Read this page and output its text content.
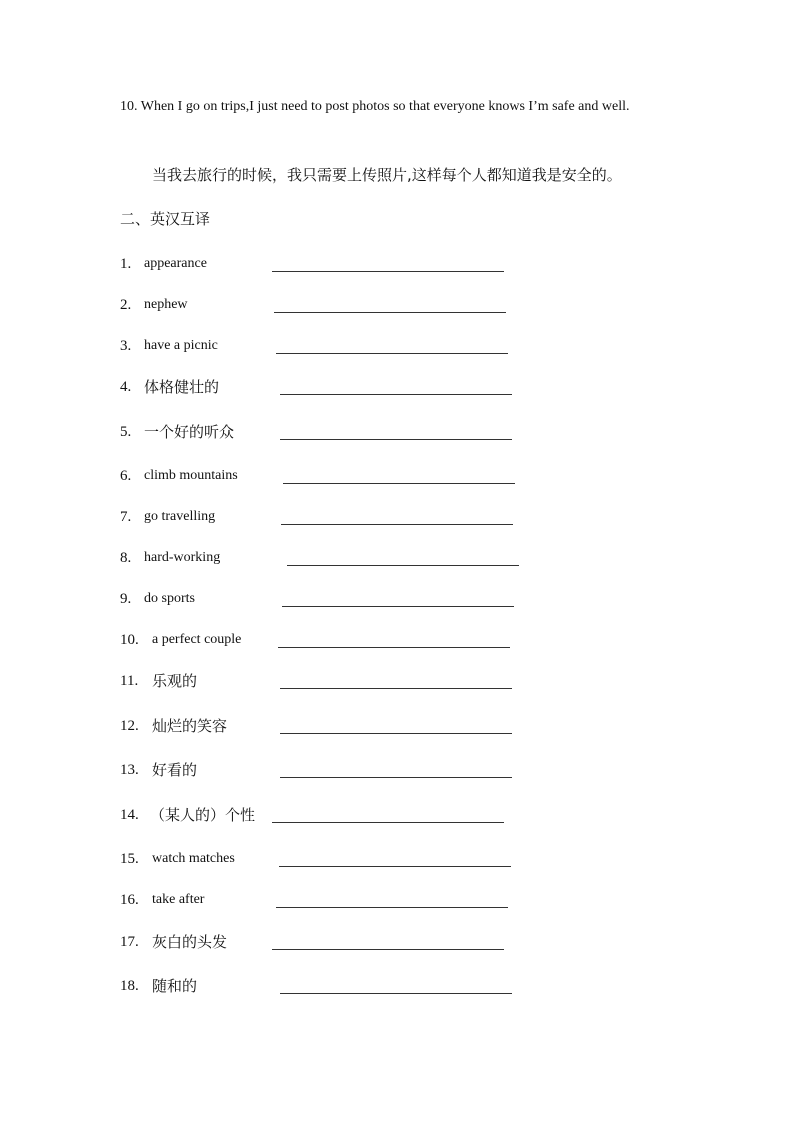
10. When I go on trips,I just need to post photos so that everyone knows I’m safe and well.
当我去旅行的时候，我只需要上传照片,这样每个人都知道我是安全的。
二、英汉互译
1. appearance
2. nephew
3. have a picnic
4. 体格健壮的
5. 一个好的听众
6. climb mountains
7. go travelling
8. hard-working
9. do sports
10. a perfect couple
11. 乐观的
12. 灿烂的笑容
13. 好看的
14. （某人的）个性
15. watch matches
16. take after
17. 灰白的头发
18. 随和的
